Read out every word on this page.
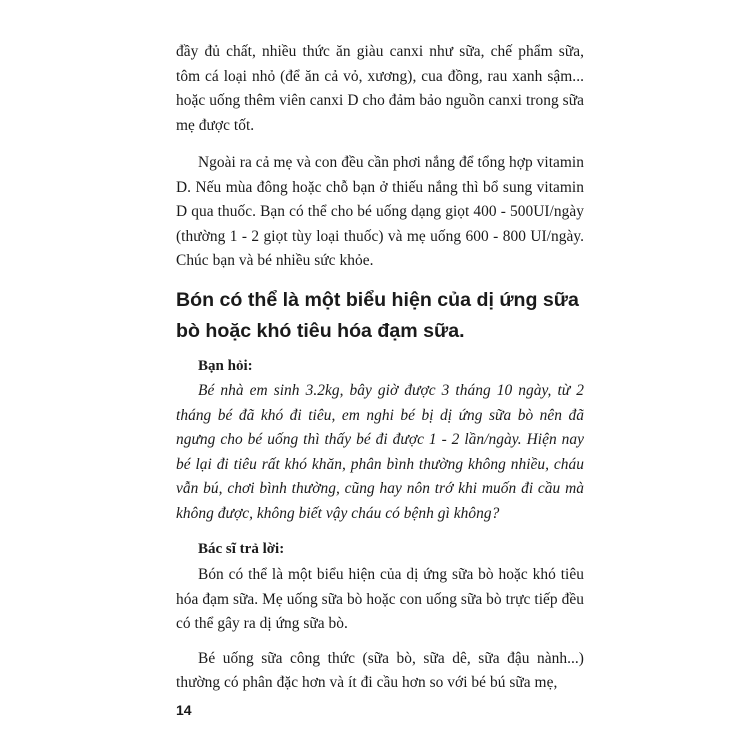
đầy đủ chất, nhiều thức ăn giàu canxi như sữa, chế phẩm sữa, tôm cá loại nhỏ (để ăn cả vỏ, xương), cua đồng, rau xanh sậm... hoặc uống thêm viên canxi D cho đảm bảo nguồn canxi trong sữa mẹ được tốt.

Ngoài ra cả mẹ và con đều cần phơi nắng để tổng hợp vitamin D. Nếu mùa đông hoặc chỗ bạn ở thiếu nắng thì bổ sung vitamin D qua thuốc. Bạn có thể cho bé uống dạng giọt 400 - 500UI/ngày (thường 1 - 2 giọt tùy loại thuốc) và mẹ uống 600 - 800 UI/ngày. Chúc bạn và bé nhiều sức khỏe.

Bón có thể là một biểu hiện của dị ứng sữa bò hoặc khó tiêu hóa đạm sữa.
Bạn hỏi:

Bé nhà em sinh 3.2kg, bây giờ được 3 tháng 10 ngày, từ 2 tháng bé đã khó đi tiêu, em nghi bé bị dị ứng sữa bò nên đã ngưng cho bé uống thì thấy bé đi được 1 - 2 lần/ngày. Hiện nay bé lại đi tiêu rất khó khăn, phân bình thường không nhiều, cháu vẫn bú, chơi bình thường, cũng hay nôn trớ khi muốn đi cầu mà không được, không biết vậy cháu có bệnh gì không?

Bác sĩ trả lời:

Bón có thể là một biểu hiện của dị ứng sữa bò hoặc khó tiêu hóa đạm sữa. Mẹ uống sữa bò hoặc con uống sữa bò trực tiếp đều có thể gây ra dị ứng sữa bò.

Bé uống sữa công thức (sữa bò, sữa dê, sữa đậu nành...) thường có phân đặc hơn và ít đi cầu hơn so với bé bú sữa mẹ,

14
